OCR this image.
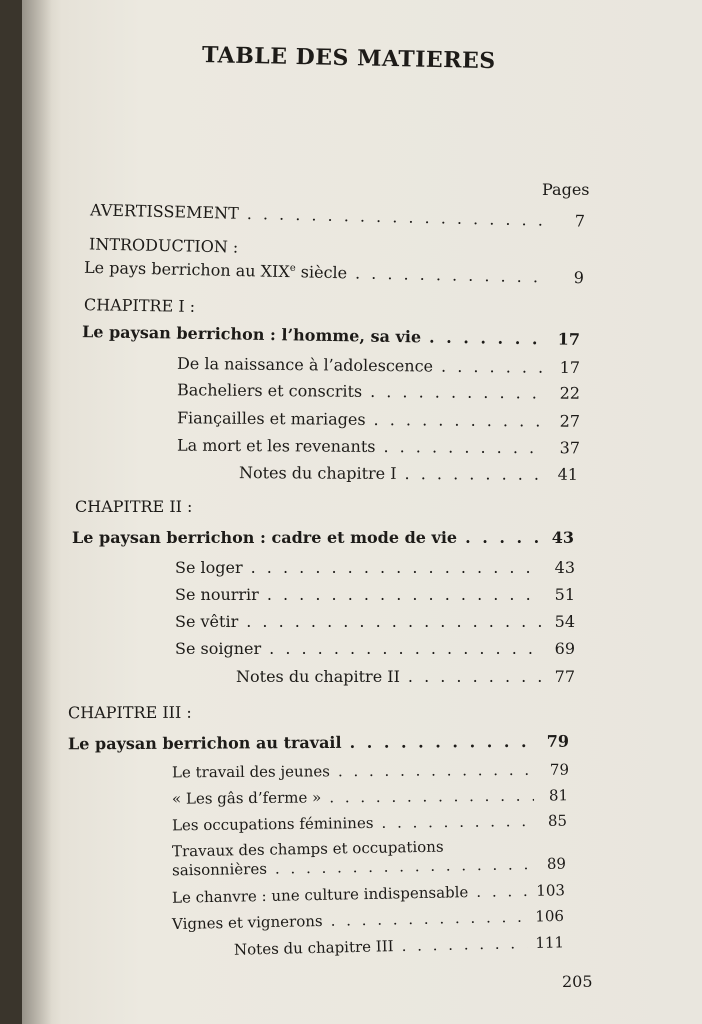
TABLE DES MATIERES
Pages
AVERTISSEMENT . . .	7
INTRODUCTION :
Le pays berrichon au XIXe siècle . . .	9
CHAPITRE I :
Le paysan berrichon : l’homme, sa vie . . .	17
De la naissance à l’adolescence . . .	17
Bacheliers et conscrits . . .	22
Fiançailles et mariages . . .	27
La mort et les revenants . . .	37
Notes du chapitre I . . .	41
CHAPITRE II :
Le paysan berrichon : cadre et mode de vie . . .	43
Se loger . . .	43
Se nourrir . . .	51
Se vêtir . . .	54
Se soigner . . .	69
Notes du chapitre II . . .	77
CHAPITRE III :
Le paysan berrichon au travail . . .	79
Le travail des jeunes . . .	79
« Les gâs d’ferme » . . .	81
Les occupations féminines . . .	85
Travaux des champs et occupations
saisonnières . . .	89
Le chanvre : une culture indispensable . . .	103
Vignes et vignerons . . .	106
Notes du chapitre III . . .	111
205
